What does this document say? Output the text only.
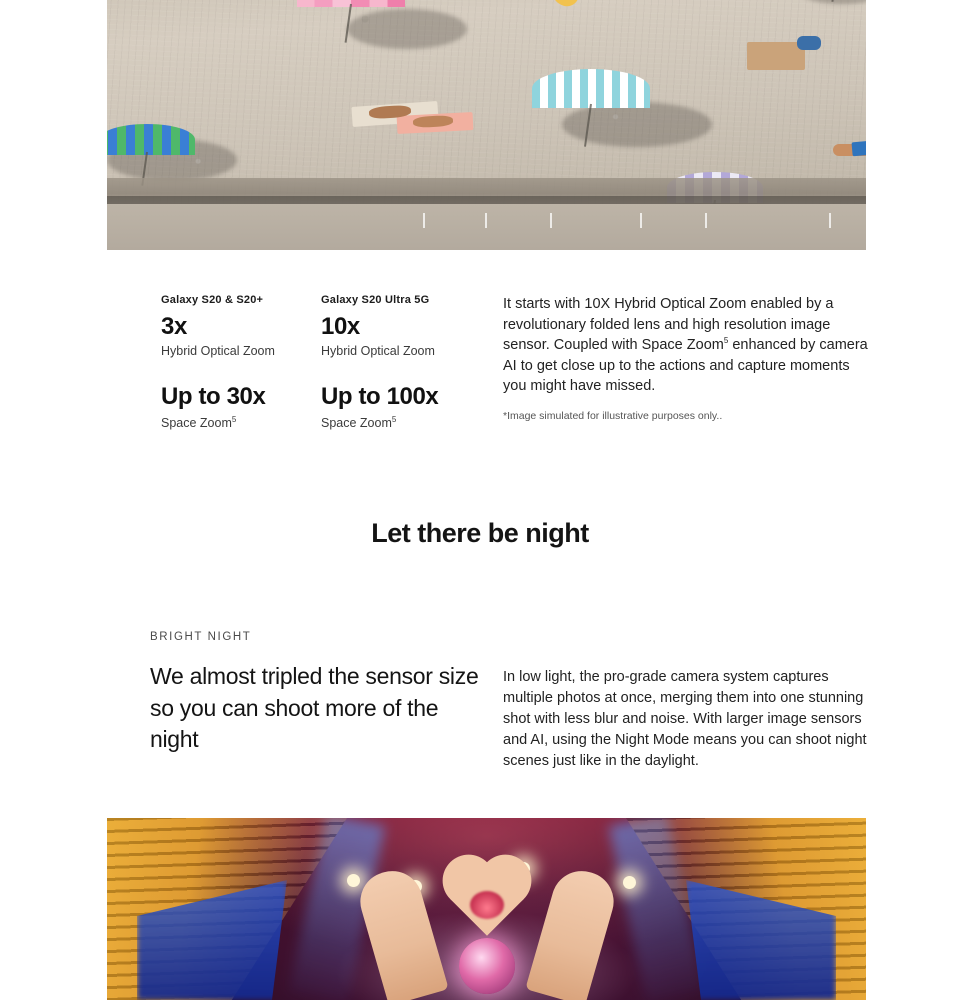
Galaxy S20 & S20+
3x
Hybrid Optical Zoom
Up to 30x
Space Zoom$^5$
Galaxy S20 Ultra 5G
10x
Hybrid Optical Zoom
Up to 100x
Space Zoom$^5$
It starts with 10X Hybrid Optical Zoom enabled by a revolutionary folded lens and high resolution image sensor. Coupled with Space Zoom$^5$ enhanced by camera AI to get close up to the actions and capture moments you might have missed.
*Image simulated for illustrative purposes only..
Let there be night
BRIGHT NIGHT
We almost tripled the sensor size so you can shoot more of the night
In low light, the pro-grade camera system captures multiple photos at once, merging them into one stunning shot with less blur and noise. With larger image sensors and AI, using the Night Mode means you can shoot night scenes just like in the daylight.
